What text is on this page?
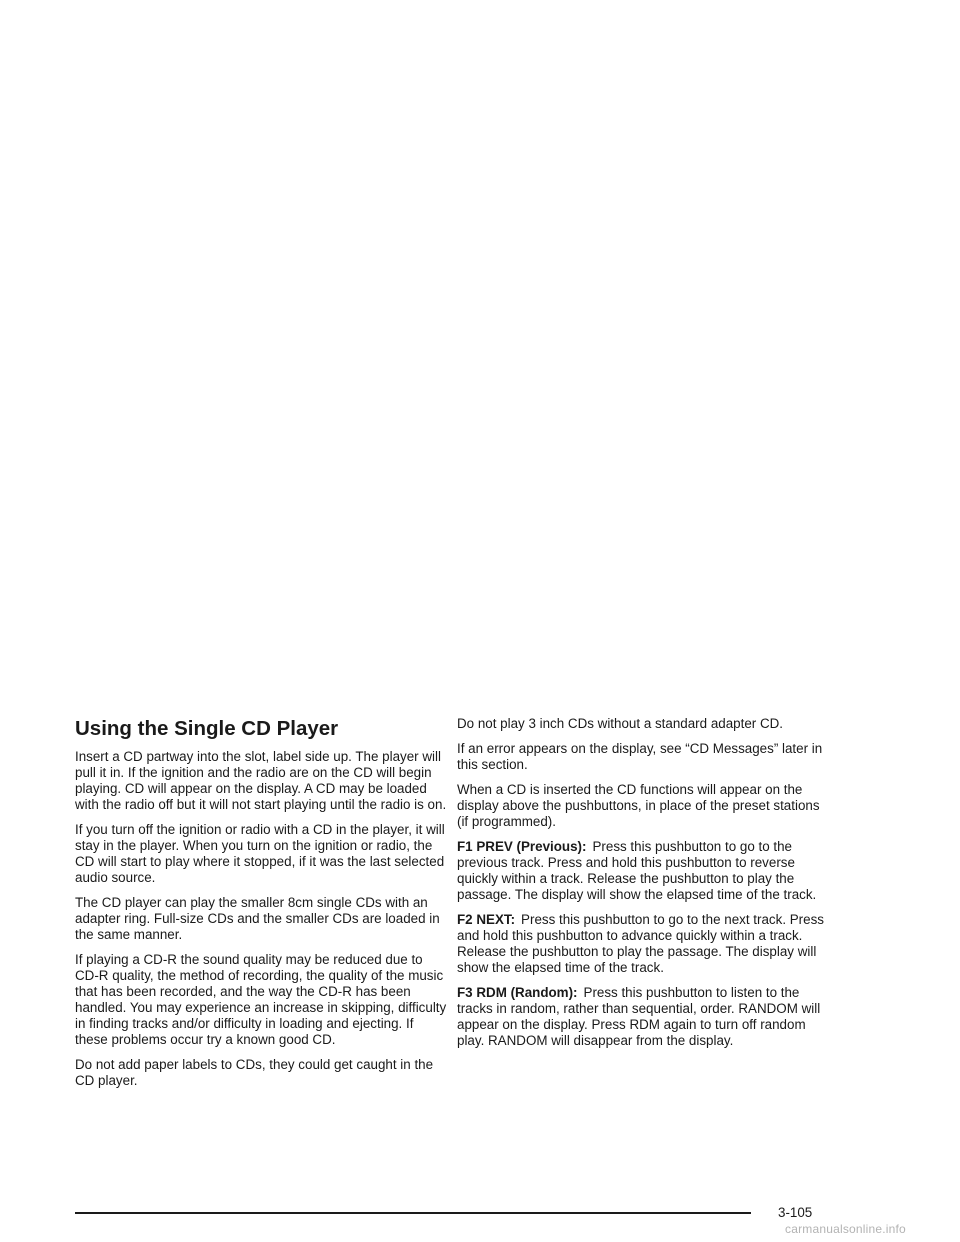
Using the Single CD Player

Insert a CD partway into the slot, label side up. The player will pull it in. If the ignition and the radio are on the CD will begin playing. CD will appear on the display. A CD may be loaded with the radio off but it will not start playing until the radio is on.

If you turn off the ignition or radio with a CD in the player, it will stay in the player. When you turn on the ignition or radio, the CD will start to play where it stopped, if it was the last selected audio source.

The CD player can play the smaller 8cm single CDs with an adapter ring. Full-size CDs and the smaller CDs are loaded in the same manner.

If playing a CD-R the sound quality may be reduced due to CD-R quality, the method of recording, the quality of the music that has been recorded, and the way the CD-R has been handled. You may experience an increase in skipping, difficulty in finding tracks and/or difficulty in loading and ejecting. If these problems occur try a known good CD.

Do not add paper labels to CDs, they could get caught in the CD player.

Do not play 3 inch CDs without a standard adapter CD.

If an error appears on the display, see “CD Messages” later in this section.

When a CD is inserted the CD functions will appear on the display above the pushbuttons, in place of the preset stations (if programmed).

F1 PREV (Previous): Press this pushbutton to go to the previous track. Press and hold this pushbutton to reverse quickly within a track. Release the pushbutton to play the passage. The display will show the elapsed time of the track.

F2 NEXT: Press this pushbutton to go to the next track. Press and hold this pushbutton to advance quickly within a track. Release the pushbutton to play the passage. The display will show the elapsed time of the track.

F3 RDM (Random): Press this pushbutton to listen to the tracks in random, rather than sequential, order. RANDOM will appear on the display. Press RDM again to turn off random play. RANDOM will disappear from the display.

3-105
carmanualsonline.info
